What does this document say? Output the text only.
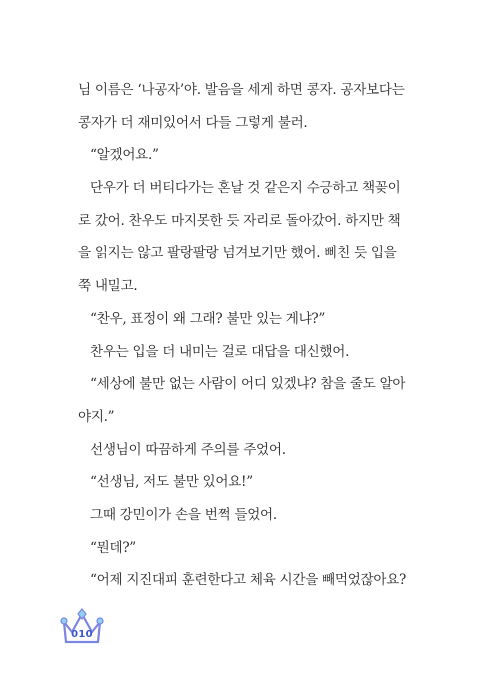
님 이름은 ‘나공자’야. 발음을 세게 하면 콩자. 공자보다는
콩자가 더 재미있어서 다들 그렇게 불러.
“알겠어요.”
단우가 더 버티다가는 혼날 것 같은지 수긍하고 책꽂이
로 갔어. 찬우도 마지못한 듯 자리로 돌아갔어. 하지만 책
을 읽지는 않고 팔랑팔랑 넘겨보기만 했어. 삐친 듯 입을
쭉 내밀고.
“찬우, 표정이 왜 그래? 불만 있는 게냐?”
찬우는 입을 더 내미는 걸로 대답을 대신했어.
“세상에 불만 없는 사람이 어디 있겠냐? 참을 줄도 알아
야지.”
선생님이 따끔하게 주의를 주었어.
“선생님, 저도 불만 있어요!”
그때 강민이가 손을 번쩍 들었어.
“뭔데?”
“어제 지진대피 훈련한다고 체육 시간을 빼먹었잖아요?
010
